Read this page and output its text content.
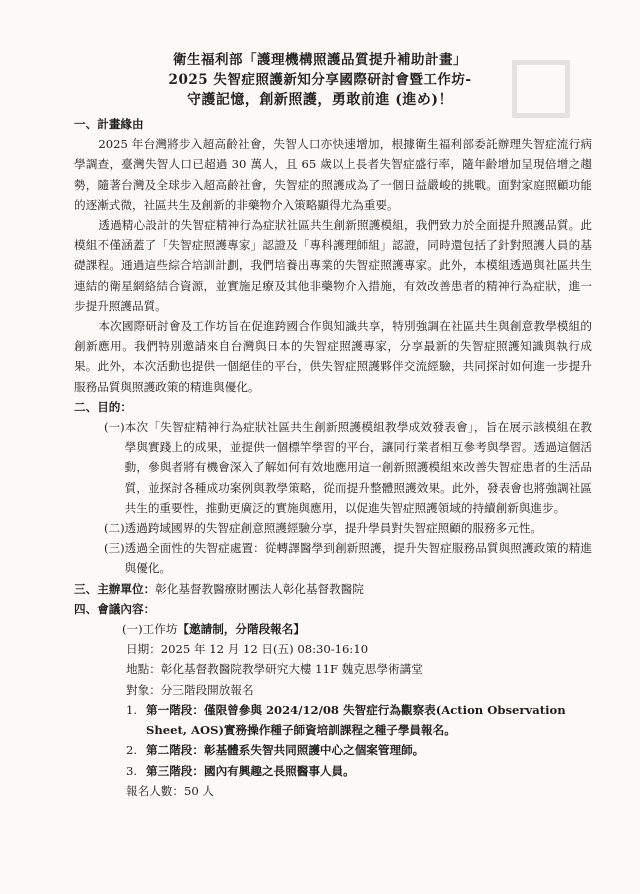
衛生福利部「護理機構照護品質提升補助計畫」
2025 失智症照護新知分享國際研討會暨工作坊-
守護記憶，創新照護，勇敢前進 (進め)！
一、計畫緣由
2025 年台灣將步入超高齡社會，失智人口亦快速增加，根據衛生福利部委託辦理失智症流行病學調查，臺灣失智人口已超過 30 萬人，且 65 歲以上長者失智症盛行率，隨年齡增加呈現倍增之趨勢，隨著台灣及全球步入超高齡社會，失智症的照護成為了一個日益嚴峻的挑戰。面對家庭照顧功能的逐漸式微，社區共生及創新的非藥物介入策略顯得尤為重要。
透過精心設計的失智症精神行為症狀社區共生創新照護模組，我們致力於全面提升照護品質。此模組不僅涵蓋了「失智症照護專家」認證及「專科護理師組」認證，同時還包括了針對照護人員的基礎課程。通過這些綜合培訓計劃，我們培養出專業的失智症照護專家。此外，本模組透過與社區共生連結的衛星網絡結合資源，並實施足療及其他非藥物介入措施，有效改善患者的精神行為症狀，進一步提升照護品質。
本次國際研討會及工作坊旨在促進跨國合作與知識共享，特別強調在社區共生與創意教學模組的創新應用。我們特別邀請來自台灣與日本的失智症照護專家，分享最新的失智症照護知識與執行成果。此外，本次活動也提供一個絕佳的平台，供失智症照護夥伴交流經驗，共同探討如何進一步提升服務品質與照護政策的精進與優化。
二、目的：
(一) 本次「失智症精神行為症狀社區共生創新照護模組教學成效發表會」，旨在展示該模組在教學與實踐上的成果，並提供一個標竿學習的平台，讓同行業者相互參考與學習。透過這個活動，參與者將有機會深入了解如何有效地應用這一創新照護模組來改善失智症患者的生活品質，並探討各種成功案例與教學策略，從而提升整體照護效果。此外，發表會也將強調社區共生的重要性，推動更廣泛的實施與應用，以促進失智症照護領域的持續創新與進步。
(二) 透過跨域國界的失智症創意照護經驗分享，提升學員對失智症照顧的服務多元性。
(三) 透過全面性的失智症處置：從轉譯醫學到創新照護，提升失智症服務品質與照護政策的精進與優化。
三、主辦單位：彰化基督教醫療財團法人彰化基督教醫院
四、會議內容：
(一)工作坊【邀請制，分階段報名】
日期：2025 年 12 月 12 日(五) 08:30-16:10
地點：彰化基督教醫院教學研究大樓 11F 魏克思學術講堂
對象：分三階段開放報名
1. 第一階段：僅限曾參與 2024/12/08 失智症行為觀察表(Action Observation Sheet, AOS)實務操作種子師資培訓課程之種子學員報名。
2. 第二階段：彰基體系失智共同照護中心之個案管理師。
3. 第三階段：國內有興趣之長照醫事人員。
報名人數：50 人
